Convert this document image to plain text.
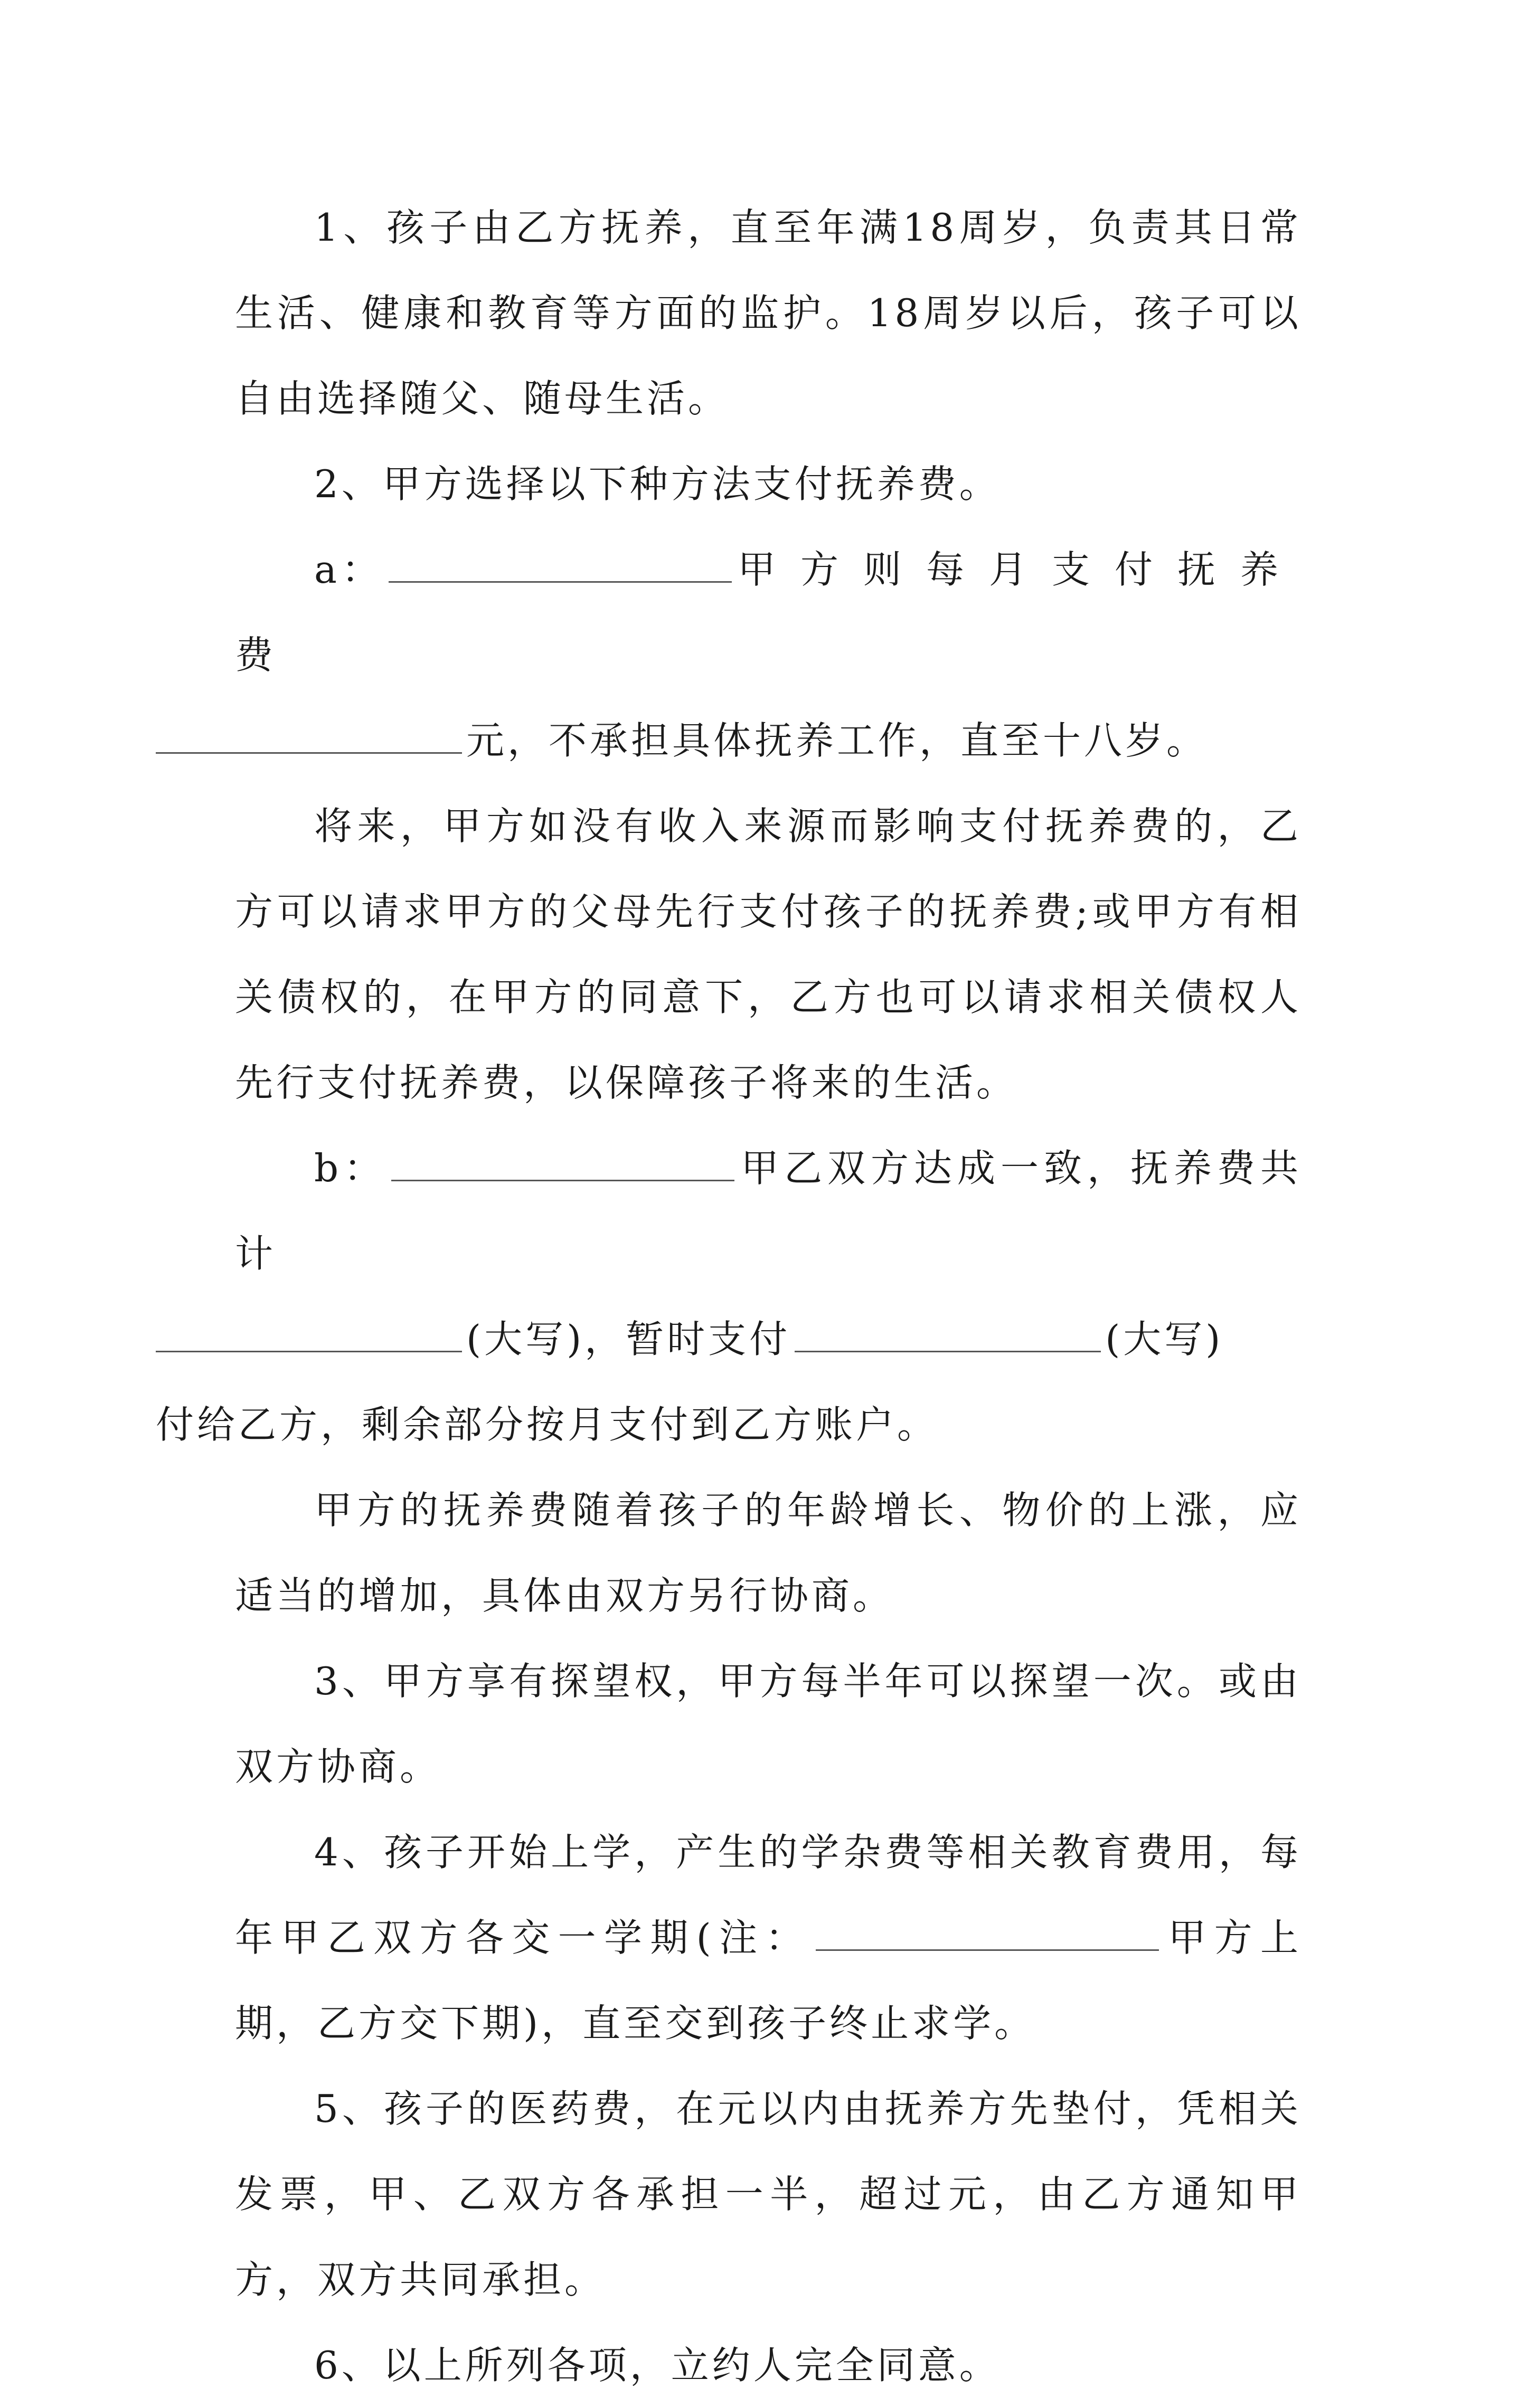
1、孩子由乙方抚养，直至年满18周岁，负责其日常生活、健康和教育等方面的监护。18周岁以后，孩子可以自由选择随父、随母生活。

2、甲方选择以下种方法支付抚养费。

a：	甲方则每月支付抚养费
元，不承担具体抚养工作，直至十八岁。

将来，甲方如没有收入来源而影响支付抚养费的，乙方可以请求甲方的父母先行支付孩子的抚养费;或甲方有相关债权的，在甲方的同意下，乙方也可以请求相关债权人先行支付抚养费，以保障孩子将来的生活。

b：	甲乙双方达成一致，抚养费共计
(大写)，暂时支付	(大写)
付给乙方，剩余部分按月支付到乙方账户。

甲方的抚养费随着孩子的年龄增长、物价的上涨，应适当的增加，具体由双方另行协商。

3、甲方享有探望权，甲方每半年可以探望一次。或由双方协商。

4、孩子开始上学，产生的学杂费等相关教育费用，每年甲乙双方各交一学期(注：	甲方上期，乙方交下期)，直至交到孩子终止求学。

5、孩子的医药费，在元以内由抚养方先垫付，凭相关发票，甲、乙双方各承担一半，超过元，由乙方通知甲方，双方共同承担。

6、以上所列各项，立约人完全同意。
